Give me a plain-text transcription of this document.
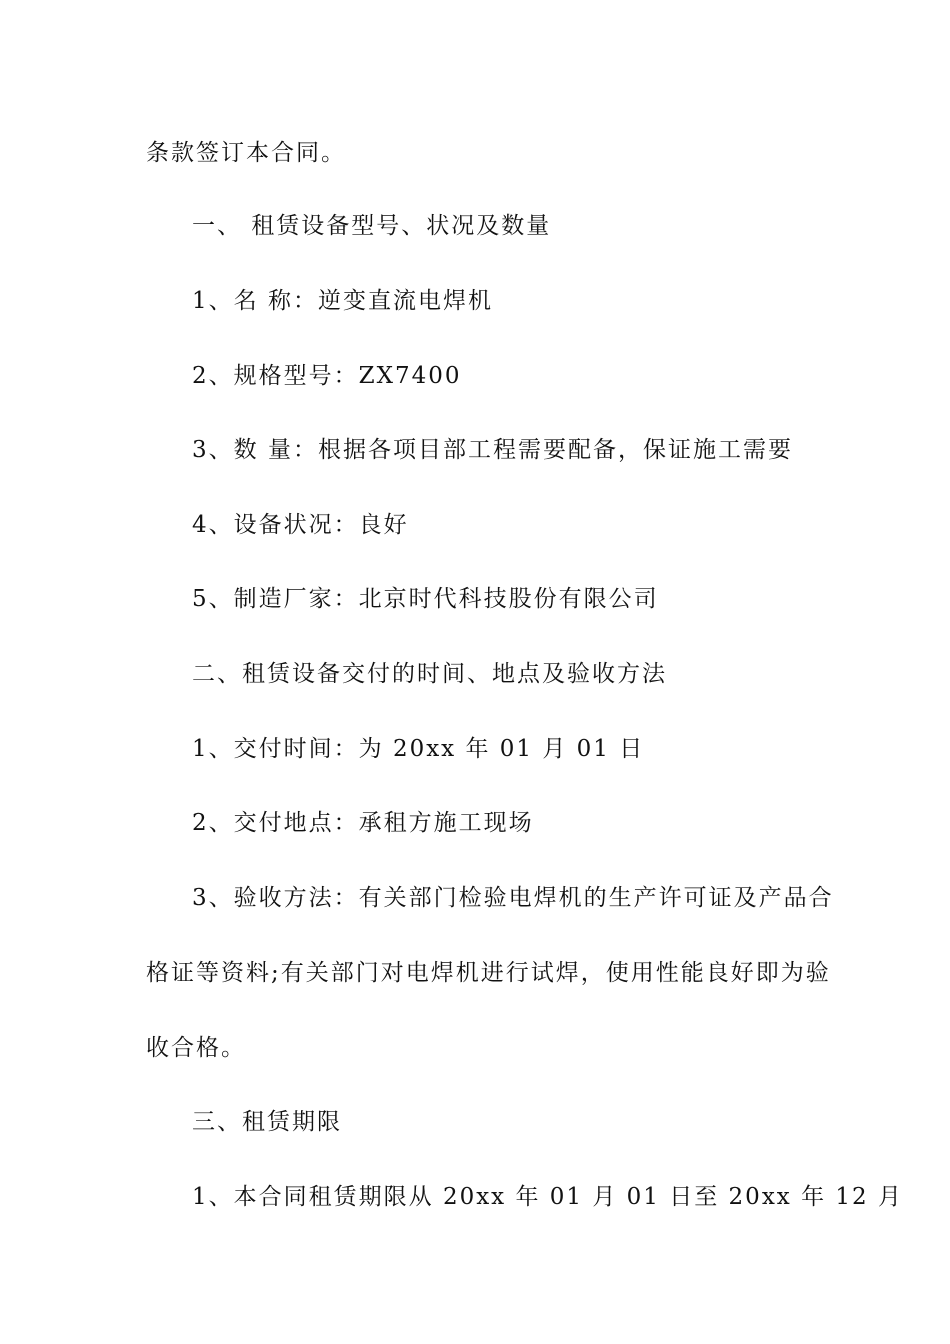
条款签订本合同。
一、 租赁设备型号、状况及数量
1、名 称：逆变直流电焊机
2、规格型号：ZX7400
3、数 量：根据各项目部工程需要配备，保证施工需要
4、设备状况：良好
5、制造厂家：北京时代科技股份有限公司
二、租赁设备交付的时间、地点及验收方法
1、交付时间：为 20xx 年 01 月 01 日
2、交付地点：承租方施工现场
3、验收方法：有关部门检验电焊机的生产许可证及产品合
格证等资料;有关部门对电焊机进行试焊，使用性能良好即为验
收合格。
三、租赁期限
1、本合同租赁期限从 20xx 年 01 月 01 日至 20xx 年 12 月
